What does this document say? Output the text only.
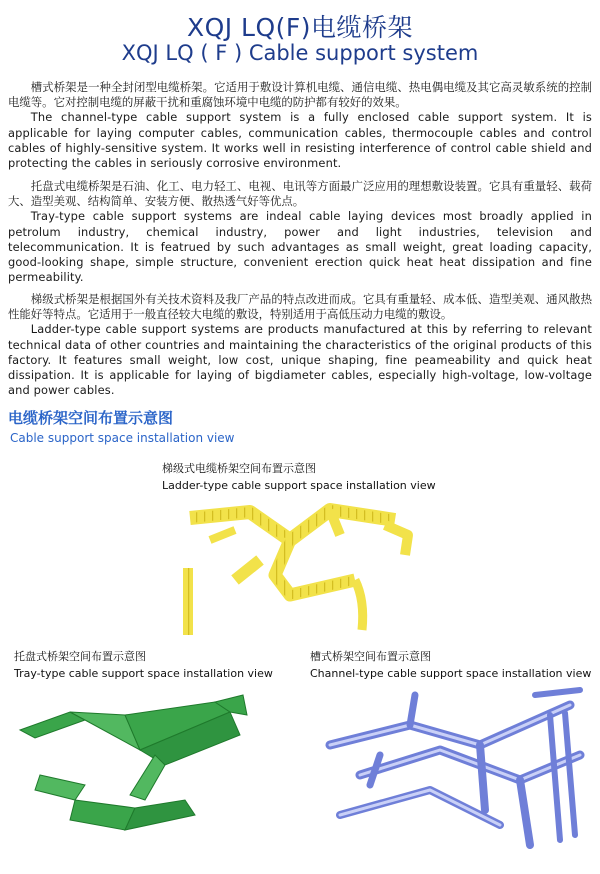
XQJ LQ(F)电缆桥架
XQJ LQ ( F ) Cable support system

槽式桥架是一种全封闭型电缆桥架。它适用于敷设计算机电缆、通信电缆、热电偶电缆及其它高灵敏系统的控制电缆等。它对控制电缆的屏蔽干扰和重腐蚀环境中电缆的防护都有较好的效果。

The channel-type cable support system is a fully enclosed cable support system. It is applicable for laying computer cables, communication cables, thermocouple cables and control cables of highly-sensitive system. It works well in resisting interference of control cable shield and protecting the cables in seriously corrosive environment.

托盘式电缆桥架是石油、化工、电力轻工、电视、电讯等方面最广泛应用的理想敷设装置。它具有重量轻、载荷大、造型美观、结构简单、安装方便、散热透气好等优点。

Tray-type cable support systems are indeal cable laying devices most broadly applied in petrolum industry, chemical industry, power and light industries, television and telecommunication. It is featrued by such advantages as small weight, great loading capacity, good-looking shape, simple structure, convenient erection quick heat heat dissipation and fine permeability.

梯级式桥架是根据国外有关技术资料及我厂产品的特点改进而成。它具有重量轻、成本低、造型美观、通风散热性能好等特点。它适用于一般直径较大电缆的敷设，特别适用于高低压动力电缆的敷设。

Ladder-type cable support systems are products manufactured at this by referring to relevant technical data of other countries and maintaining the characteristics of the original products of this factory. It features small weight, low cost, unique shaping, fine peameability and quick heat dissipation. It is applicable for laying of bigdiameter cables, especially high-voltage, low-voltage and power cables.

电缆桥架空间布置示意图
Cable support space installation view
梯级式电缆桥架空间布置示意图
Ladder-type cable support space installation view
托盘式桥架空间布置示意图
Tray-type cable support space installation view
槽式桥架空间布置示意图
Channel-type cable support space installation view
